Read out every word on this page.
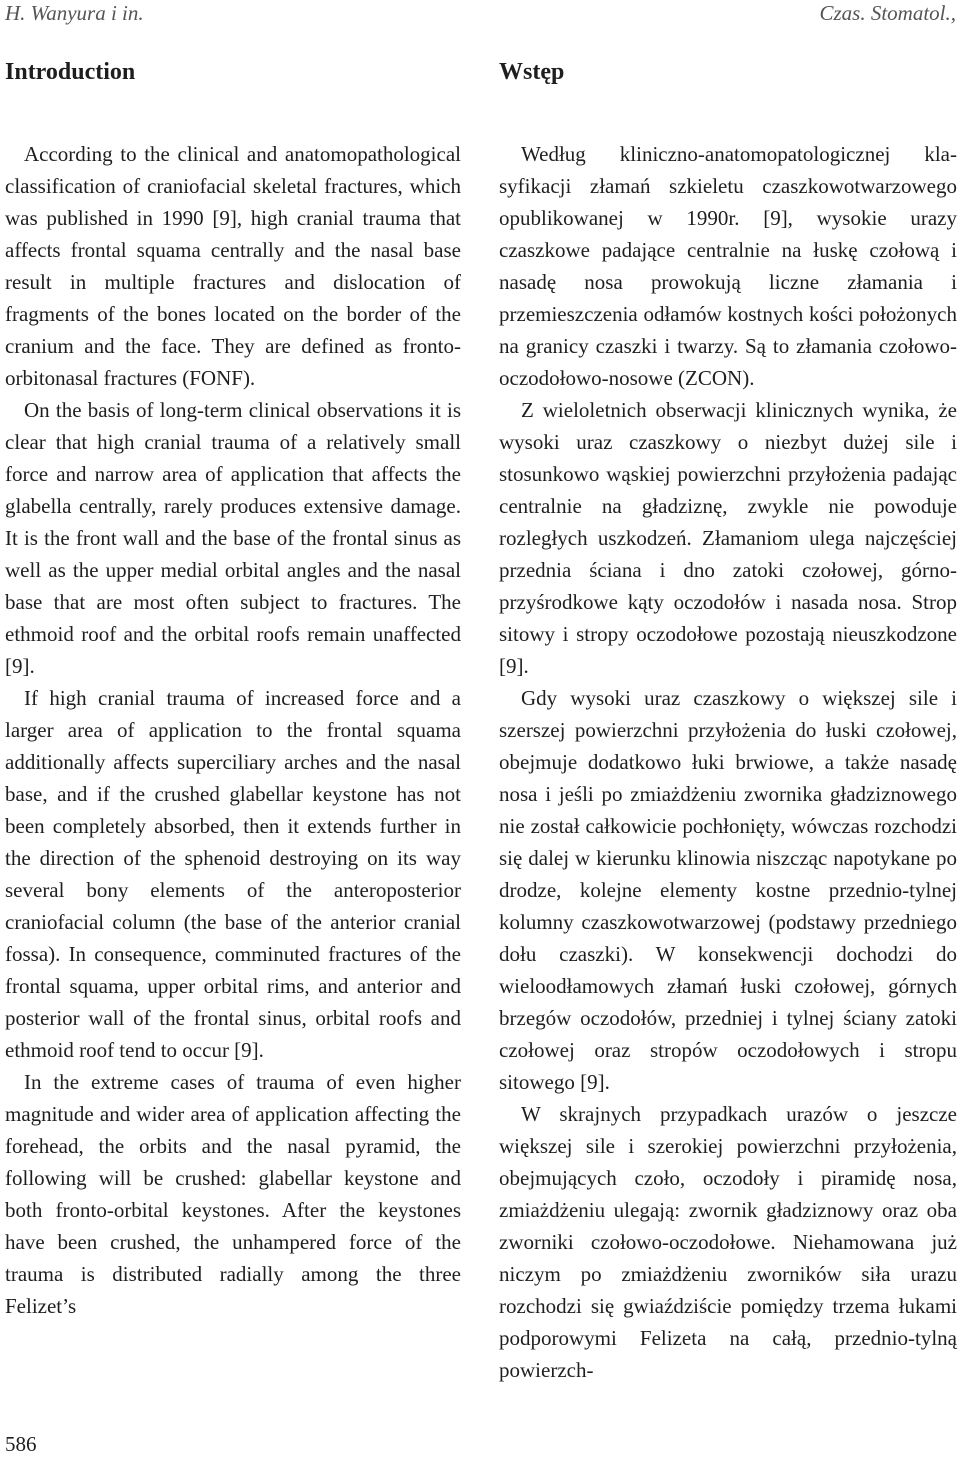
H. Wanyura i in.	Czas. Stomatol.,
Introduction

According to the clinical and anatomopathological classification of craniofacial skeletal fractures, which was published in 1990 [9], high cranial trauma that affects frontal squama centrally and the nasal base result in multiple fractures and dislocation of fragments of the bones located on the border of the cranium and the face. They are defined as fronto-orbitonasal fractures (FONF).

On the basis of long-term clinical observations it is clear that high cranial trauma of a relatively small force and narrow area of application that affects the glabella centrally, rarely produces extensive damage. It is the front wall and the base of the frontal sinus as well as the upper medial orbital angles and the nasal base that are most often subject to fractures. The ethmoid roof and the orbital roofs remain unaffected [9].

If high cranial trauma of increased force and a larger area of application to the frontal squama additionally affects superciliary arches and the nasal base, and if the crushed glabellar keystone has not been completely absorbed, then it extends further in the direction of the sphenoid destroying on its way several bony elements of the anteroposterior craniofacial column (the base of the anterior cranial fossa). In consequence, comminuted fractures of the frontal squama, upper orbital rims, and anterior and posterior wall of the frontal sinus, orbital roofs and ethmoid roof tend to occur [9].

In the extreme cases of trauma of even higher magnitude and wider area of application affecting the forehead, the orbits and the nasal pyramid, the following will be crushed: glabellar keystone and both fronto-orbital keystones. After the keystones have been crushed, the unhampered force of the trauma is distributed radially among the three Felizet’s

Wstęp

Według kliniczno-anatomopatologicznej klasyfikacji złamań szkieletu czaszkowotwarzowego opublikowanej w 1990r. [9], wysokie urazy czaszkowe padające centralnie na łuskę czołową i nasadę nosa prowokują liczne złamania i przemieszczenia odłamów kostnych kości położonych na granicy czaszki i twarzy. Są to złamania czołowo-oczodołowo-nosowe (ZCON).

Z wieloletnich obserwacji klinicznych wynika, że wysoki uraz czaszkowy o niezbyt dużej sile i stosunkowo wąskiej powierzchni przyłożenia padając centralnie na gładziznę, zwykle nie powoduje rozległych uszkodzeń. Złamaniom ulega najczęściej przednia ściana i dno zatoki czołowej, górno-przyśrodkowe kąty oczodołów i nasada nosa. Strop sitowy i stropy oczodołowe pozostają nieuszkodzone [9].

Gdy wysoki uraz czaszkowy o większej sile i szerszej powierzchni przyłożenia do łuski czołowej, obejmuje dodatkowo łuki brwiowe, a także nasadę nosa i jeśli po zmiażdżeniu zwornika gładziznowego nie został całkowicie pochłonięty, wówczas rozchodzi się dalej w kierunku klinowia niszcząc napotykane po drodze, kolejne elementy kostne przednio-tylnej kolumny czaszkowotwarzowej (podstawy przedniego dołu czaszki). W konsekwencji dochodzi do wieloodłamowych złamań łuski czołowej, górnych brzegów oczodołów, przedniej i tylnej ściany zatoki czołowej oraz stropów oczodołowych i stropu sitowego [9].

W skrajnych przypadkach urazów o jeszcze większej sile i szerokiej powierzchni przyłożenia, obejmujących czoło, oczodoły i piramidę nosa, zmiażdżeniu ulegają: zwornik gładziznowy oraz oba zworniki czołowo-oczodołowe. Niehamowana już niczym po zmiażdżeniu zworników siła urazu rozchodzi się gwiaździście pomiędzy trzema łukami podporowymi Felizeta na całą, przednio-tylną powierzch-

586
